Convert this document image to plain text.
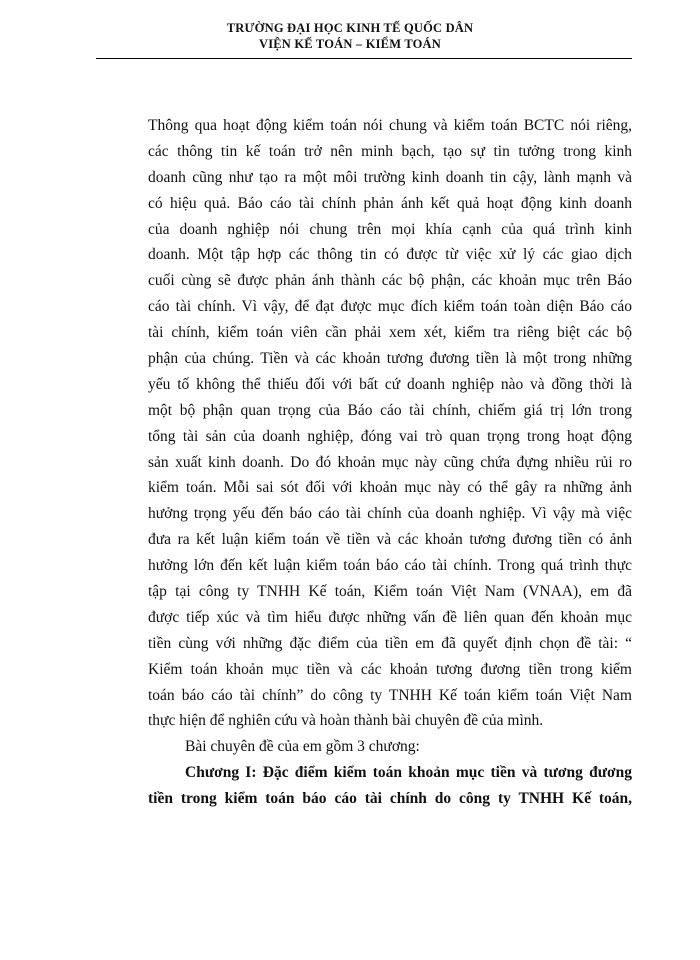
TRƯỜNG ĐẠI HỌC KINH TẾ QUỐC DÂN
VIỆN KẾ TOÁN – KIỂM TOÁN
Thông qua hoạt động kiểm toán nói chung và kiểm toán BCTC nói riêng,
các thông tin kế toán trở nên minh bạch, tạo sự tin tưởng trong kinh
doanh cũng như tạo ra một môi trường kinh doanh tin cậy, lành mạnh và
có hiệu quả. Báo cáo tài chính phản ánh kết quả hoạt động kinh doanh
của doanh nghiệp nói chung trên mọi khía cạnh của quá trình kinh
doanh. Một tập hợp các thông tin có được từ việc xử lý các giao dịch
cuối cùng sẽ được phản ánh thành các bộ phận, các khoản mục trên Báo
cáo tài chính. Vì vậy, để đạt được mục đích kiểm toán toàn diện Báo cáo
tài chính, kiểm toán viên cần phải xem xét, kiểm tra riêng biệt các bộ
phận của chúng. Tiền và các khoản tương đương tiền là một trong những
yếu tố không thể thiếu đối với bất cứ doanh nghiệp nào và đồng thời là
một bộ phận quan trọng của Báo cáo tài chính, chiếm giá trị lớn trong
tổng tài sản của doanh nghiệp, đóng vai trò quan trọng trong hoạt động
sản xuất kinh doanh. Do đó khoản mục này cũng chứa đựng nhiều rủi ro
kiểm toán. Mỗi sai sót đối với khoản mục này có thể gây ra những ảnh
hưởng trọng yếu đến báo cáo tài chính của doanh nghiệp. Vì vậy mà việc
đưa ra kết luận kiểm toán về tiền và các khoản tương đương tiền có ảnh
hưởng lớn đến kết luận kiểm toán báo cáo tài chính. Trong quá trình thực
tập tại công ty TNHH Kế toán, Kiểm toán Việt Nam (VNAA), em đã
được tiếp xúc và tìm hiểu được những vấn đề liên quan đến khoản mục
tiền cùng với những đặc điểm của tiền em đã quyết định chọn đề tài: “
Kiểm toán khoản mục tiền và các khoản tương đương tiền trong kiểm
toán báo cáo tài chính” do công ty TNHH Kế toán kiểm toán Việt Nam
thực hiện để nghiên cứu và hoàn thành bài chuyên đề của mình.
Bài chuyên đề của em gồm 3 chương:
Chương I: Đặc điểm kiểm toán khoản mục tiền và tương đương
tiền trong kiểm toán báo cáo tài chính do công ty TNHH Kế toán,
